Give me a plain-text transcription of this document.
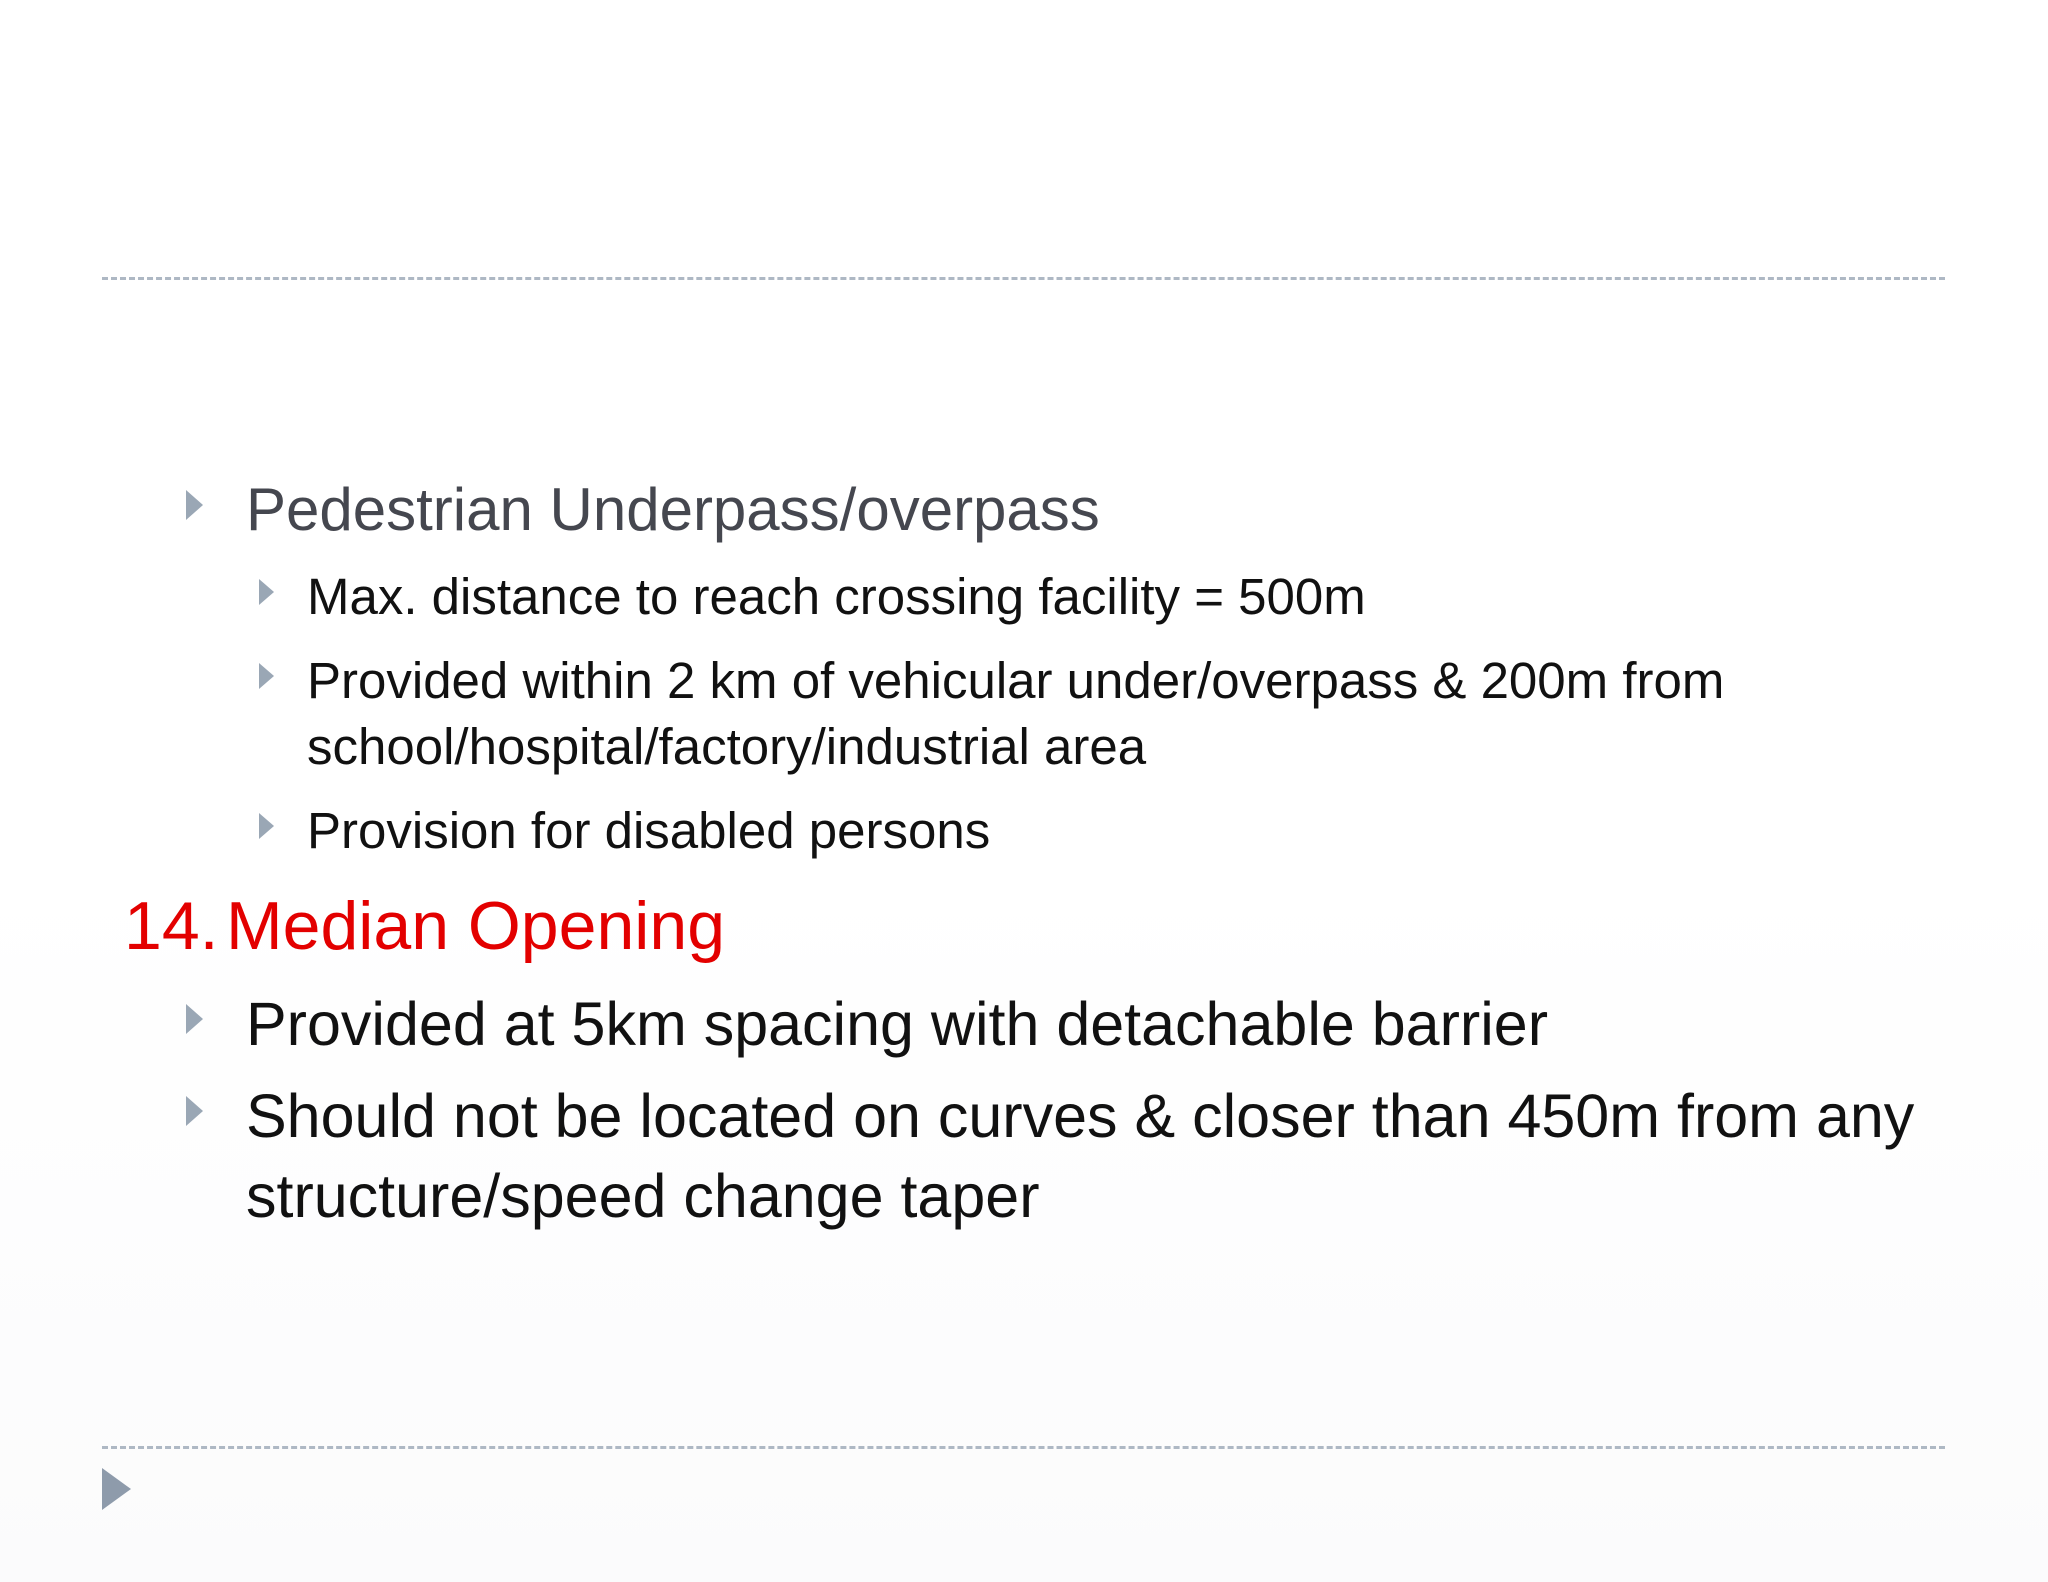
Pedestrian Underpass/overpass
Max. distance to reach crossing facility = 500m
Provided within 2 km of vehicular under/overpass & 200m from
school/hospital/factory/industrial area
Provision for disabled persons
14. Median Opening
Provided at 5km spacing with detachable barrier
Should not be located on curves & closer than 450m from any
structure/speed change taper
